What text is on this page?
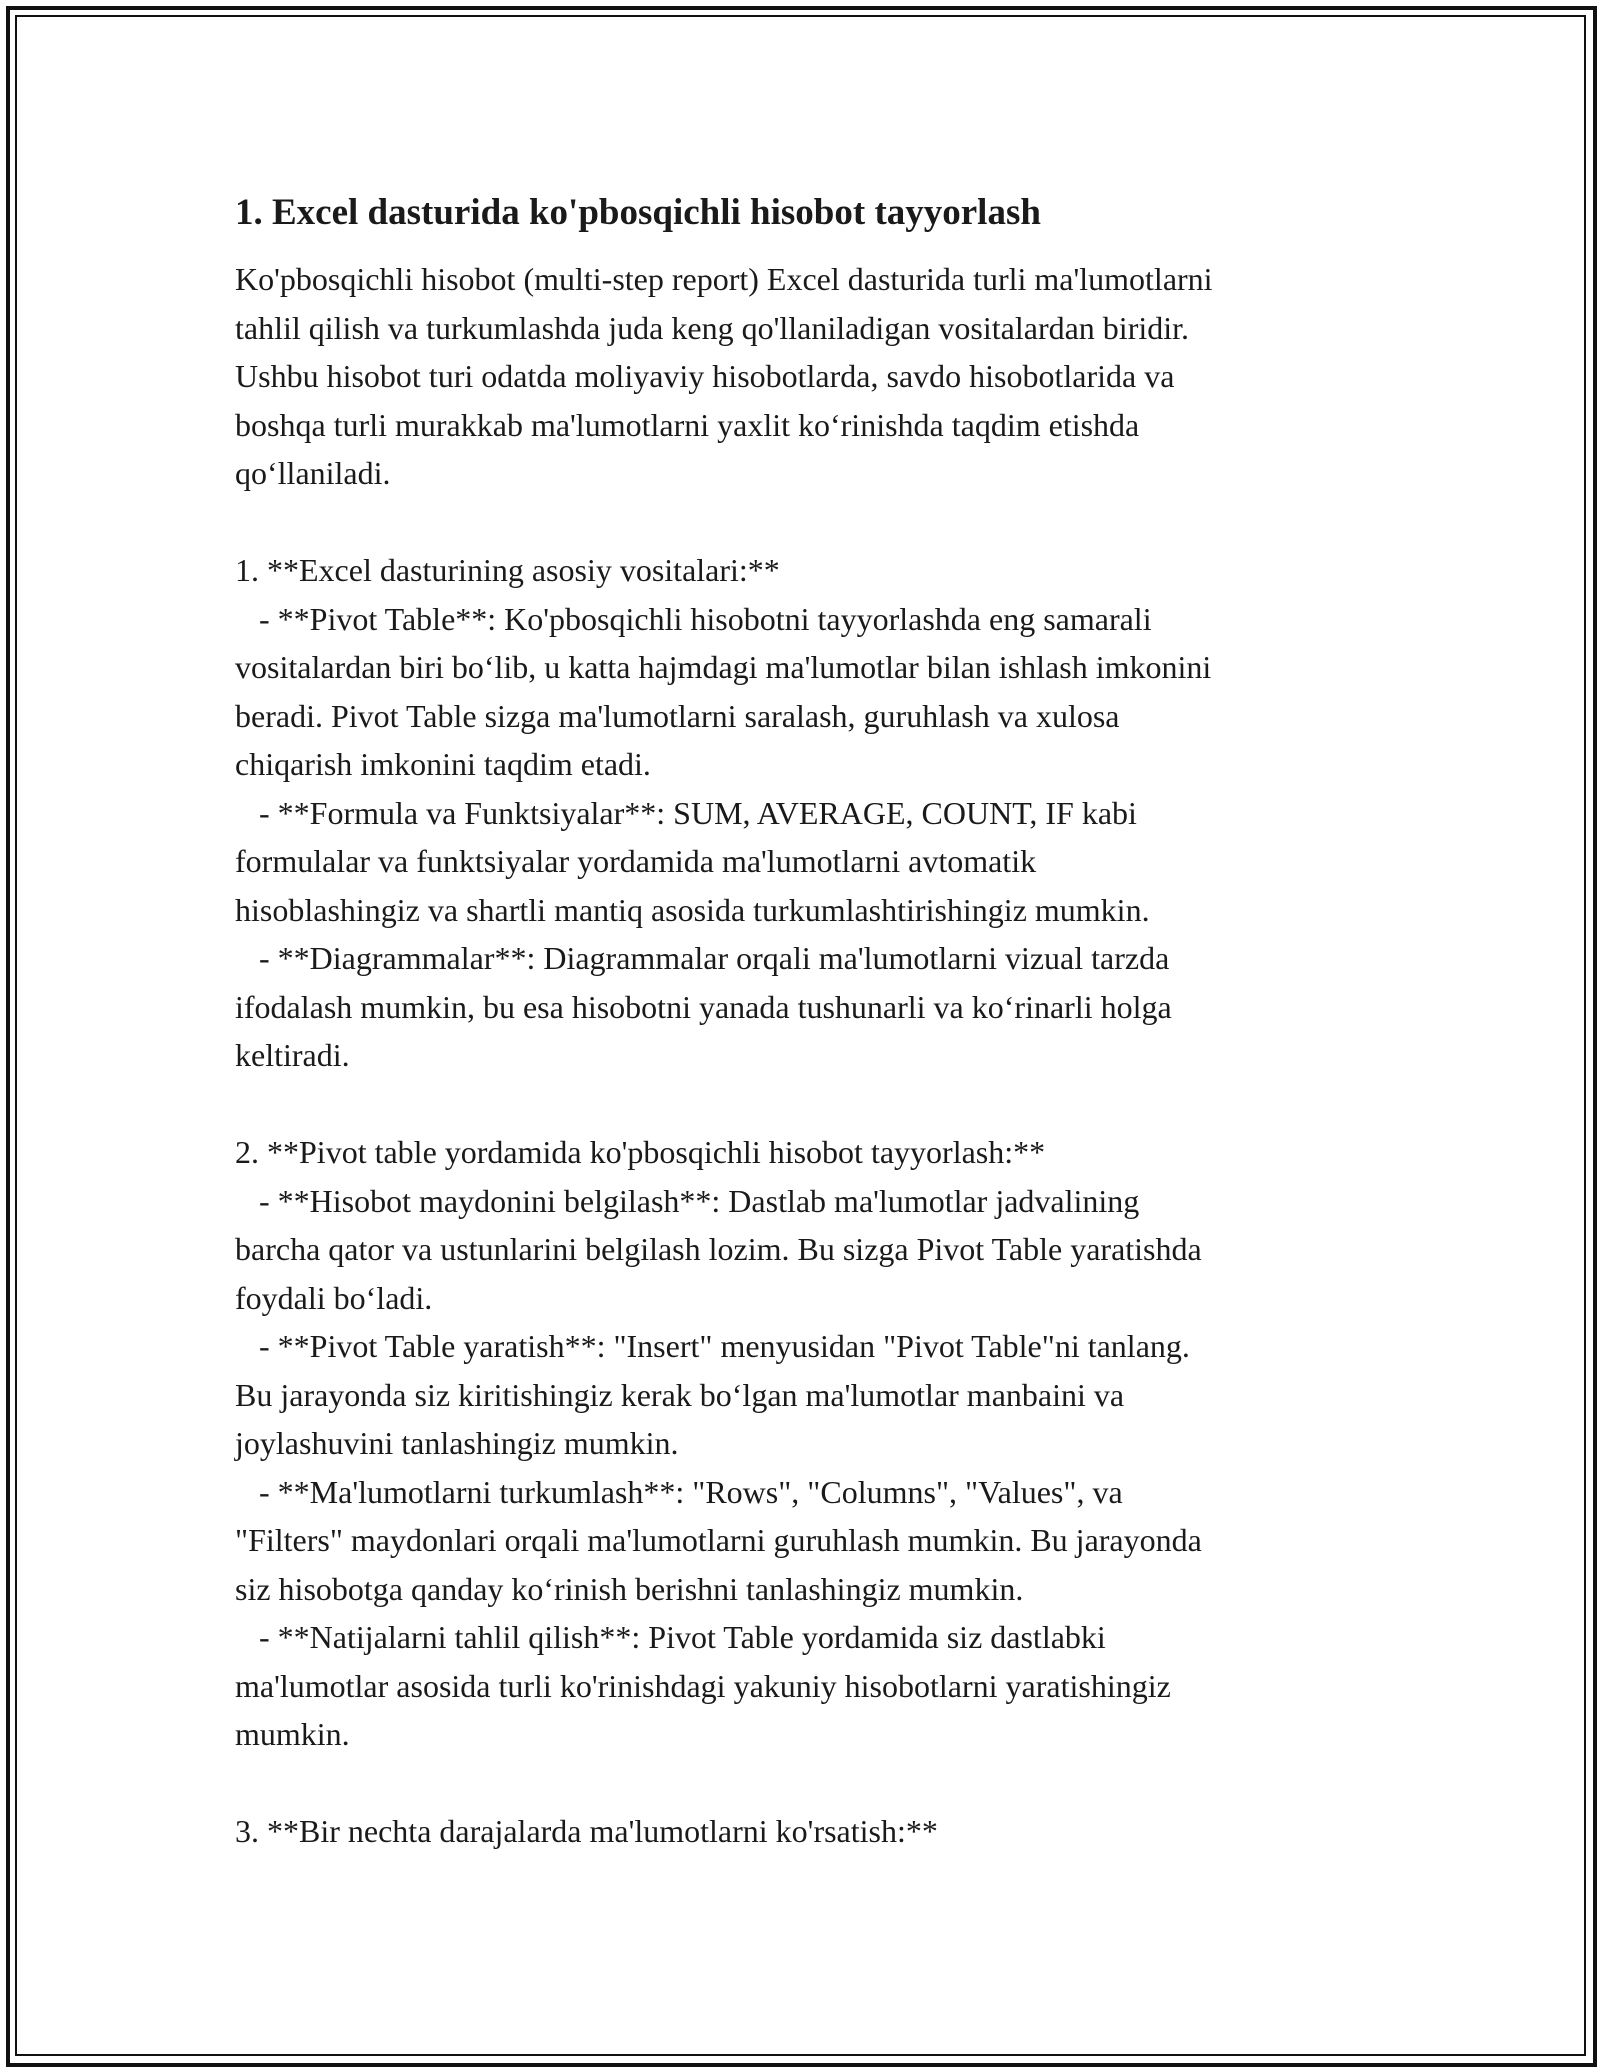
1. Excel dasturida ko'pbosqichli hisobot tayyorlash

Ko'pbosqichli hisobot (multi-step report) Excel dasturida turli ma'lumotlarni

tahlil qilish va turkumlashda juda keng qo'llaniladigan vositalardan biridir.

Ushbu hisobot turi odatda moliyaviy hisobotlarda, savdo hisobotlarida va

boshqa turli murakkab ma'lumotlarni yaxlit ko‘rinishda taqdim etishda

qo‘llaniladi.

1. **Excel dasturining asosiy vositalari:**

- **Pivot Table**: Ko'pbosqichli hisobotni tayyorlashda eng samarali

vositalardan biri bo‘lib, u katta hajmdagi ma'lumotlar bilan ishlash imkonini

beradi. Pivot Table sizga ma'lumotlarni saralash, guruhlash va xulosa

chiqarish imkonini taqdim etadi.

- **Formula va Funktsiyalar**: SUM, AVERAGE, COUNT, IF kabi

formulalar va funktsiyalar yordamida ma'lumotlarni avtomatik

hisoblashingiz va shartli mantiq asosida turkumlashtirishingiz mumkin.

- **Diagrammalar**: Diagrammalar orqali ma'lumotlarni vizual tarzda

ifodalash mumkin, bu esa hisobotni yanada tushunarli va ko‘rinarli holga

keltiradi.

2. **Pivot table yordamida ko'pbosqichli hisobot tayyorlash:**

- **Hisobot maydonini belgilash**: Dastlab ma'lumotlar jadvalining

barcha qator va ustunlarini belgilash lozim. Bu sizga Pivot Table yaratishda

foydali bo‘ladi.

- **Pivot Table yaratish**: "Insert" menyusidan "Pivot Table"ni tanlang.

Bu jarayonda siz kiritishingiz kerak bo‘lgan ma'lumotlar manbaini va

joylashuvini tanlashingiz mumkin.

- **Ma'lumotlarni turkumlash**: "Rows", "Columns", "Values", va

"Filters" maydonlari orqali ma'lumotlarni guruhlash mumkin. Bu jarayonda

siz hisobotga qanday ko‘rinish berishni tanlashingiz mumkin.

- **Natijalarni tahlil qilish**: Pivot Table yordamida siz dastlabki

ma'lumotlar asosida turli ko'rinishdagi yakuniy hisobotlarni yaratishingiz

mumkin.

3. **Bir nechta darajalarda ma'lumotlarni ko'rsatish:**
